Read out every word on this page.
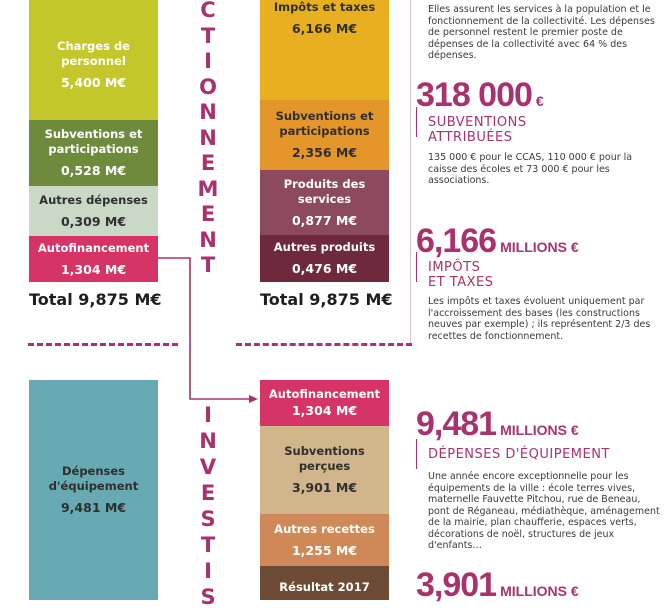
Charges de personnel
5,400 M€
Subventions et participations
0,528 M€
Autres dépenses
0,309 M€
Autofinancement
1,304 M€
Total 9,875 M€
C
T
I
O
N
N
E
M
E
N
T
Impôts et taxes
6,166 M€
Subventions et participations
2,356 M€
Produits des services
0,877 M€
Autres produits
0,476 M€
Total 9,875 M€
Dépenses d'équipement
9,481 M€
I
N
V
E
S
T
I
S
Autofinancement
1,304 M€
Subventions perçues
3,901 M€
Autres recettes
1,255 M€
Résultat 2017
Elles assurent les services à la population et le fonctionnement de la collectivité. Les dépenses de personnel restent le premier poste de dépenses de la collectivité avec 64 % des dépenses.
318 000 €
SUBVENTIONS
ATTRIBUÉES
135 000 € pour le CCAS, 110 000 € pour la caisse des écoles et 73 000 € pour les associations.
6,166 MILLIONS €
IMPÔTS
ET TAXES
Les impôts et taxes évoluent uniquement par l'accroissement des bases (les constructions neuves par exemple) ; ils représentent 2/3 des recettes de fonctionnement.
9,481 MILLIONS €
DÉPENSES D'ÉQUIPEMENT
Une année encore exceptionnelle pour les équipements de la ville : école terres vives, maternelle Fauvette Pitchou, rue de Beneau, pont de Réganeau, médiathèque, aménagement de la mairie, plan chaufferie, espaces verts, décorations de noël, structures de jeux d'enfants…
3,901 MILLIONS €
